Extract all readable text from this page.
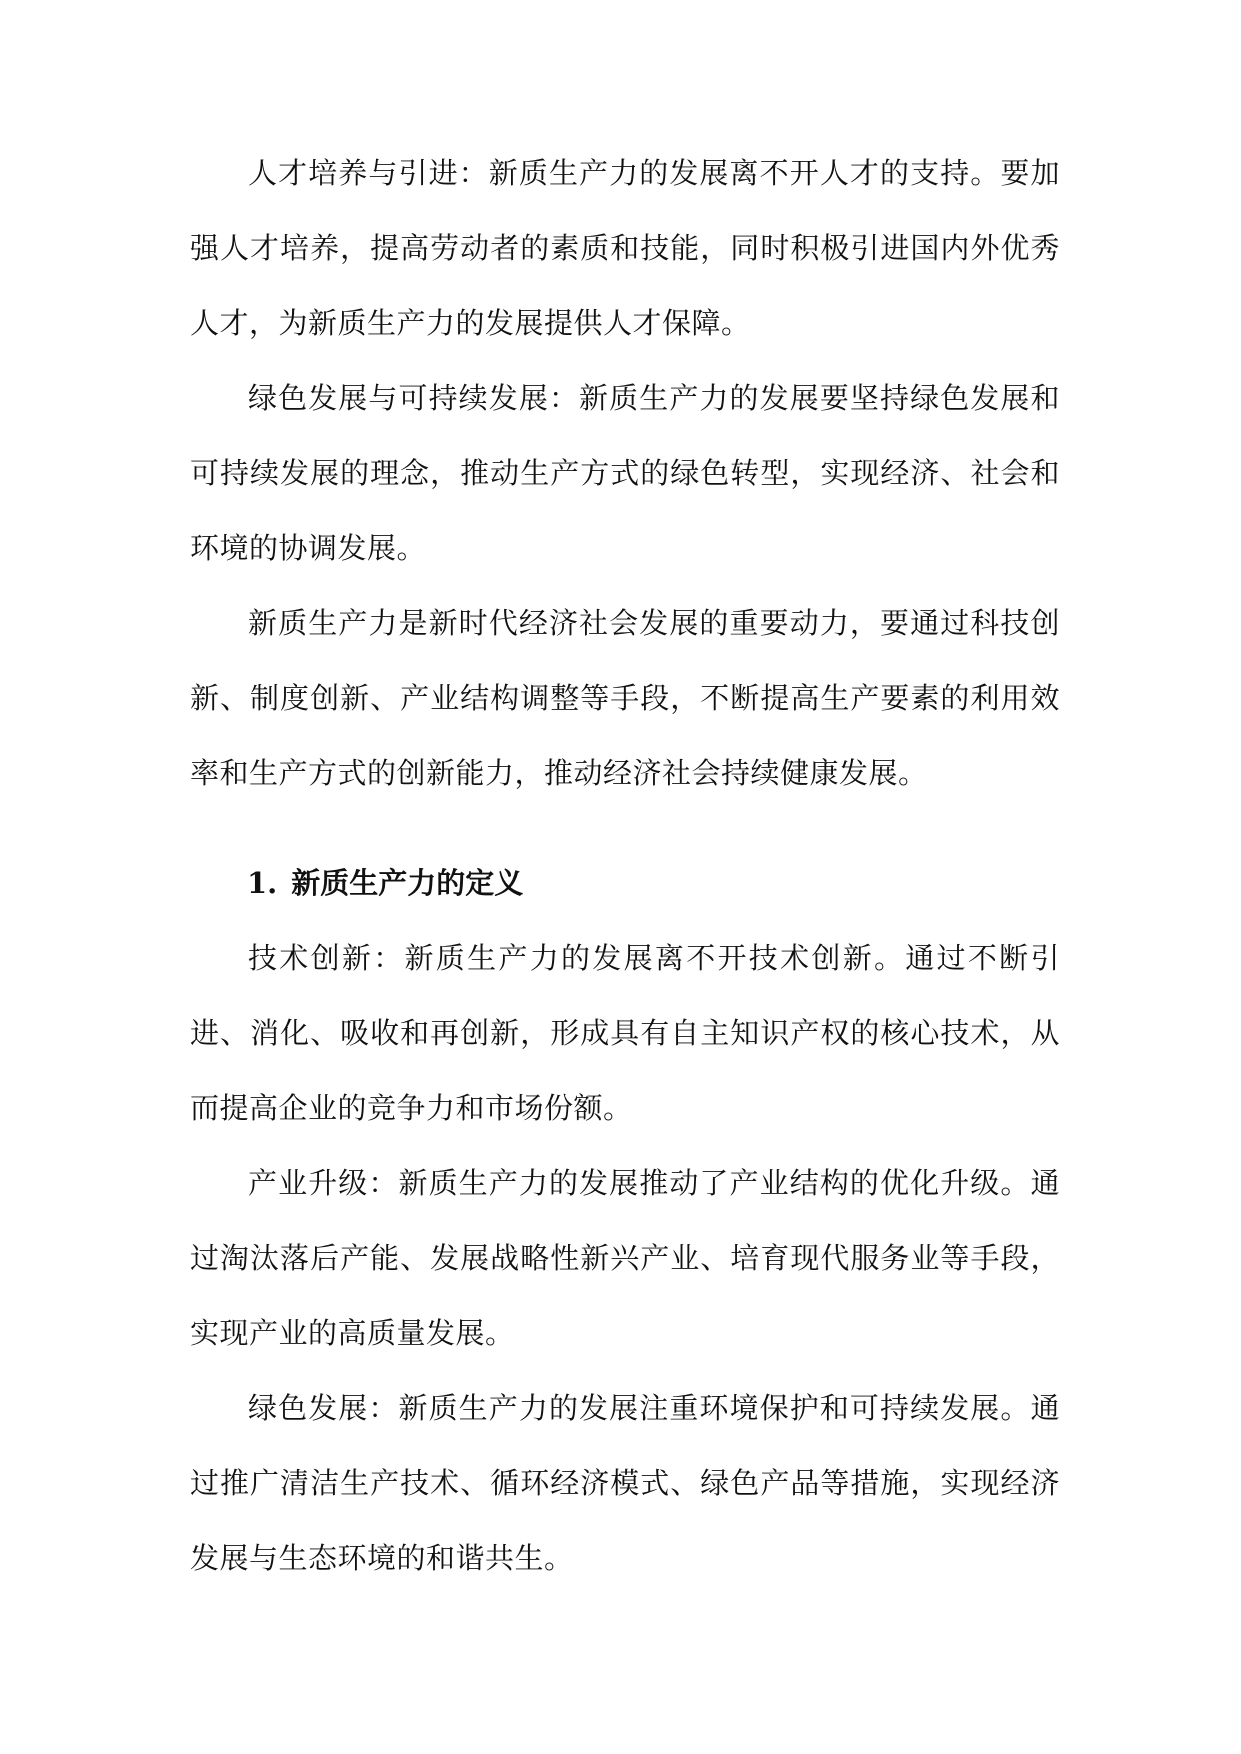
人才培养与引进：新质生产力的发展离不开人才的支持。要加强人才培养，提高劳动者的素质和技能，同时积极引进国内外优秀人才，为新质生产力的发展提供人才保障。

绿色发展与可持续发展：新质生产力的发展要坚持绿色发展和可持续发展的理念，推动生产方式的绿色转型，实现经济、社会和环境的协调发展。

新质生产力是新时代经济社会发展的重要动力，要通过科技创新、制度创新、产业结构调整等手段，不断提高生产要素的利用效率和生产方式的创新能力，推动经济社会持续健康发展。

1. 新质生产力的定义

技术创新：新质生产力的发展离不开技术创新。通过不断引进、消化、吸收和再创新，形成具有自主知识产权的核心技术，从而提高企业的竞争力和市场份额。

产业升级：新质生产力的发展推动了产业结构的优化升级。通过淘汰落后产能、发展战略性新兴产业、培育现代服务业等手段，实现产业的高质量发展。

绿色发展：新质生产力的发展注重环境保护和可持续发展。通过推广清洁生产技术、循环经济模式、绿色产品等措施，实现经济发展与生态环境的和谐共生。
